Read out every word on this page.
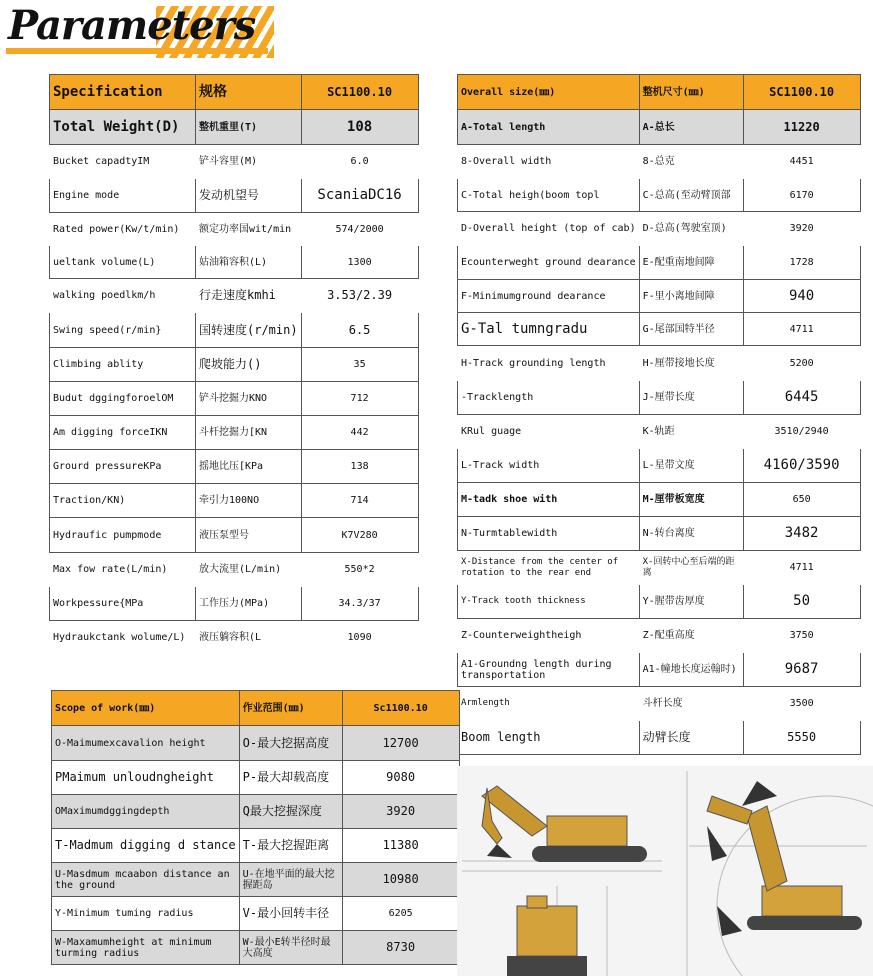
Parameters
Specification	规格	SC1100.10
Total Weight(D)	整机重里(T)	108
Bucket capadtyIM	铲斗容里(M)	6.0
Engine mode	发动机望号	ScaniaDC16
Rated power(Kw/t/min)	额定功率国wit/min	574/2000
ueltank volume(L)	姑油箱容积(L)	1300
walking poedlkm/h	行走速度kmhi	3.53/2.39
Swing speed(r/min}	国转速度(r/min)	6.5
Climbing ablity	爬坡能力()	35
Budut dggingforoelOM	铲斗挖掘力KNO	712
Am digging forceIKN	斗杆挖掘力[KN	442
Grourd pressureKPa	摇地比压[KPa	138
Traction/KN)	牵引力100NO	714
Hydraufic pumpmode	液压泵型号	K7V280
Max fow rate(L/min)	放大流里(L/min)	550*2
Workpessure{MPa	工作压力(MPa)	34.3/37
Hydraukctank wolume/L)	液压躺容积(L	1090
Overall size(㎜)	整机尺寸(㎜)	SC1100.10
A-Total length	A-总长	11220
8-Overall width	8-总克	4451
C-Total heigh(boom topl	C-总高(至动臂顶部	6170
D-Overall height (top of cab)	D-总高(驾驶室顶)	3920
Ecounterweght ground dearance	E-配重南地间障	1728
F-Minimumground dearance	F-里小离地间障	940
G-Tal tumngradu	G-尾部国特半径	4711
H-Track grounding length	H-厘带接地长度	5200
-Tracklength	J-厘带长度	6445
KRul guage	K-轨距	3510/2940
L-Track width	L-星带文度	4160/3590
M-tadk shoe with	M-厘带板宽度	650
N-Turmtablewidth	N-转台离度	3482
X-Distance from the center of rotation to the rear end	X-回转中心至后端的距离	4711
Y-Track tooth thickness	Y-腥带齿厚度	50
Z-Counterweightheigh	Z-配重高度	3750
A1-Groundng length during transportation	A1-幢地长度运翰时)	9687
Armlength	斗杆长度	3500
Boom length	动臂长度	5550
Scope of work(㎜)	作业范围(㎜)	Sc1100.10
O-Maimumexcavalion height	O-最大挖据高度	12700
PMaimum unloudngheight	P-最大却载高度	9080
OMaximumdggingdepth	Q最大挖握深度	3920
T-Madmum digging d stance	T-最大挖握距离	11380
U-Masdmum mcaabon distance an the ground	U-在地平面的最大挖握距岛	10980
Y-Minimum tuming radius	V-最小回转丰径	6205
W-Maxamumheight at minimum turming radius	W-最小E转半径时最大高度	8730
